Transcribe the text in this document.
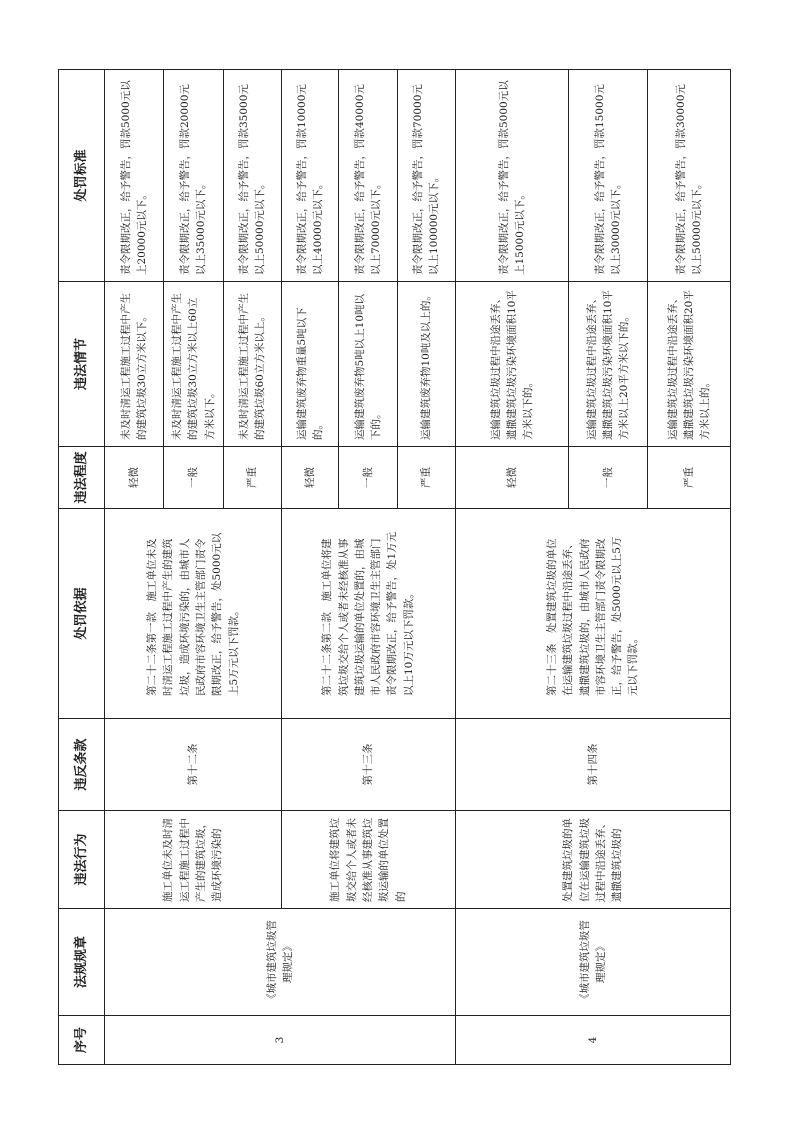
序号	法规规章	违法行为	违反条款	处罚依据	违法程度	违法情节	处罚标准
3	《城市建筑垃圾管理规定》	施工单位未及时清运工程施工过程中产生的建筑垃圾，造成环境污染的	第十二条	第二十二条第一款　施工单位未及时清运工程施工过程中产生的建筑垃圾，造成环境污染的，由城市人民政府市容环境卫生主管部门责令限期改正，给予警告，处5000元以上5万元以下罚款。	轻微	未及时清运工程施工过程中产生的建筑垃圾30立方米以下。	责令限期改正，给予警告，罚款5000元以上20000元以下。
					一般	未及时清运工程施工过程中产生的建筑垃圾30立方米以上60立方米以下。	责令限期改正，给予警告，罚款20000元以上35000元以下。
					严重	未及时清运工程施工过程中产生的建筑垃圾60立方米以上。	责令限期改正，给予警告，罚款35000元以上50000元以下。
		施工单位将建筑垃圾交给个人或者未经核准从事建筑垃圾运输的单位处置的	第十三条	第二十二条第二款　施工单位将建筑垃圾交给个人或者未经核准从事建筑垃圾运输的单位处置的，由城市人民政府市容环境卫生主管部门责令限期改正，给予警告，处1万元以上10万元以下罚款。	轻微	运输建筑废弃物重量5吨以下的。	责令限期改正，给予警告，罚款10000元以上40000元以下。
					一般	运输建筑废弃物5吨以上10吨以下的。	责令限期改正，给予警告，罚款40000元以上70000元以下。
					严重	运输建筑废弃物10吨及以上的。	责令限期改正，给予警告，罚款70000元以上100000元以下。
4	《城市建筑垃圾管理规定》	处置建筑垃圾的单位在运输建筑垃圾过程中沿途丢弃、遗撒建筑垃圾的	第十四条	第二十三条　处置建筑垃圾的单位在运输建筑垃圾过程中沿途丢弃、遗撒建筑垃圾的，由城市人民政府市容环境卫生主管部门责令限期改正，给予警告，处5000元以上5万元以下罚款。	轻微	运输建筑垃圾过程中沿途丢弃、遗撒建筑垃圾污染环境面积10平方米以下的。	责令限期改正，给予警告，罚款5000元以上15000元以下。
					一般	运输建筑垃圾过程中沿途丢弃、遗撒建筑垃圾污染环境面积10平方米以上20平方米以下的。	责令限期改正，给予警告，罚款15000元以上30000元以下。
					严重	运输建筑垃圾过程中沿途丢弃、遗撒建筑垃圾污染环境面积20平方米以上的。	责令限期改正，给予警告，罚款30000元以上50000元以下。
